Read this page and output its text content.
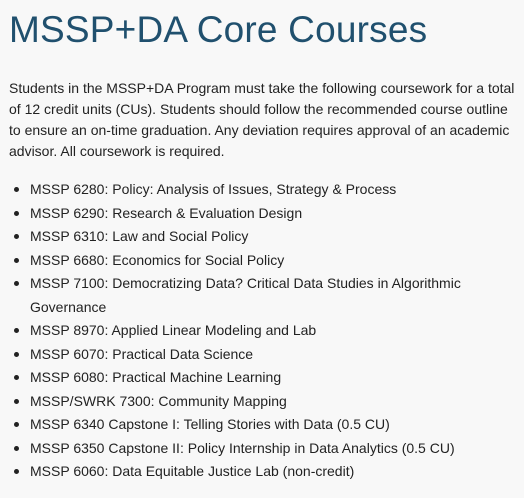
MSSP+DA Core Courses

Students in the MSSP+DA Program must take the following coursework for a total of 12 credit units (CUs). Students should follow the recommended course outline to ensure an on-time graduation. Any deviation requires approval of an academic advisor. All coursework is required.

MSSP 6280: Policy: Analysis of Issues, Strategy & Process
MSSP 6290: Research & Evaluation Design
MSSP 6310: Law and Social Policy
MSSP 6680: Economics for Social Policy
MSSP 7100: Democratizing Data? Critical Data Studies in Algorithmic Governance
MSSP 8970: Applied Linear Modeling and Lab
MSSP 6070: Practical Data Science
MSSP 6080: Practical Machine Learning
MSSP/SWRK 7300: Community Mapping
MSSP 6340 Capstone I: Telling Stories with Data (0.5 CU)
MSSP 6350 Capstone II: Policy Internship in Data Analytics (0.5 CU)
MSSP 6060: Data Equitable Justice Lab (non-credit)
